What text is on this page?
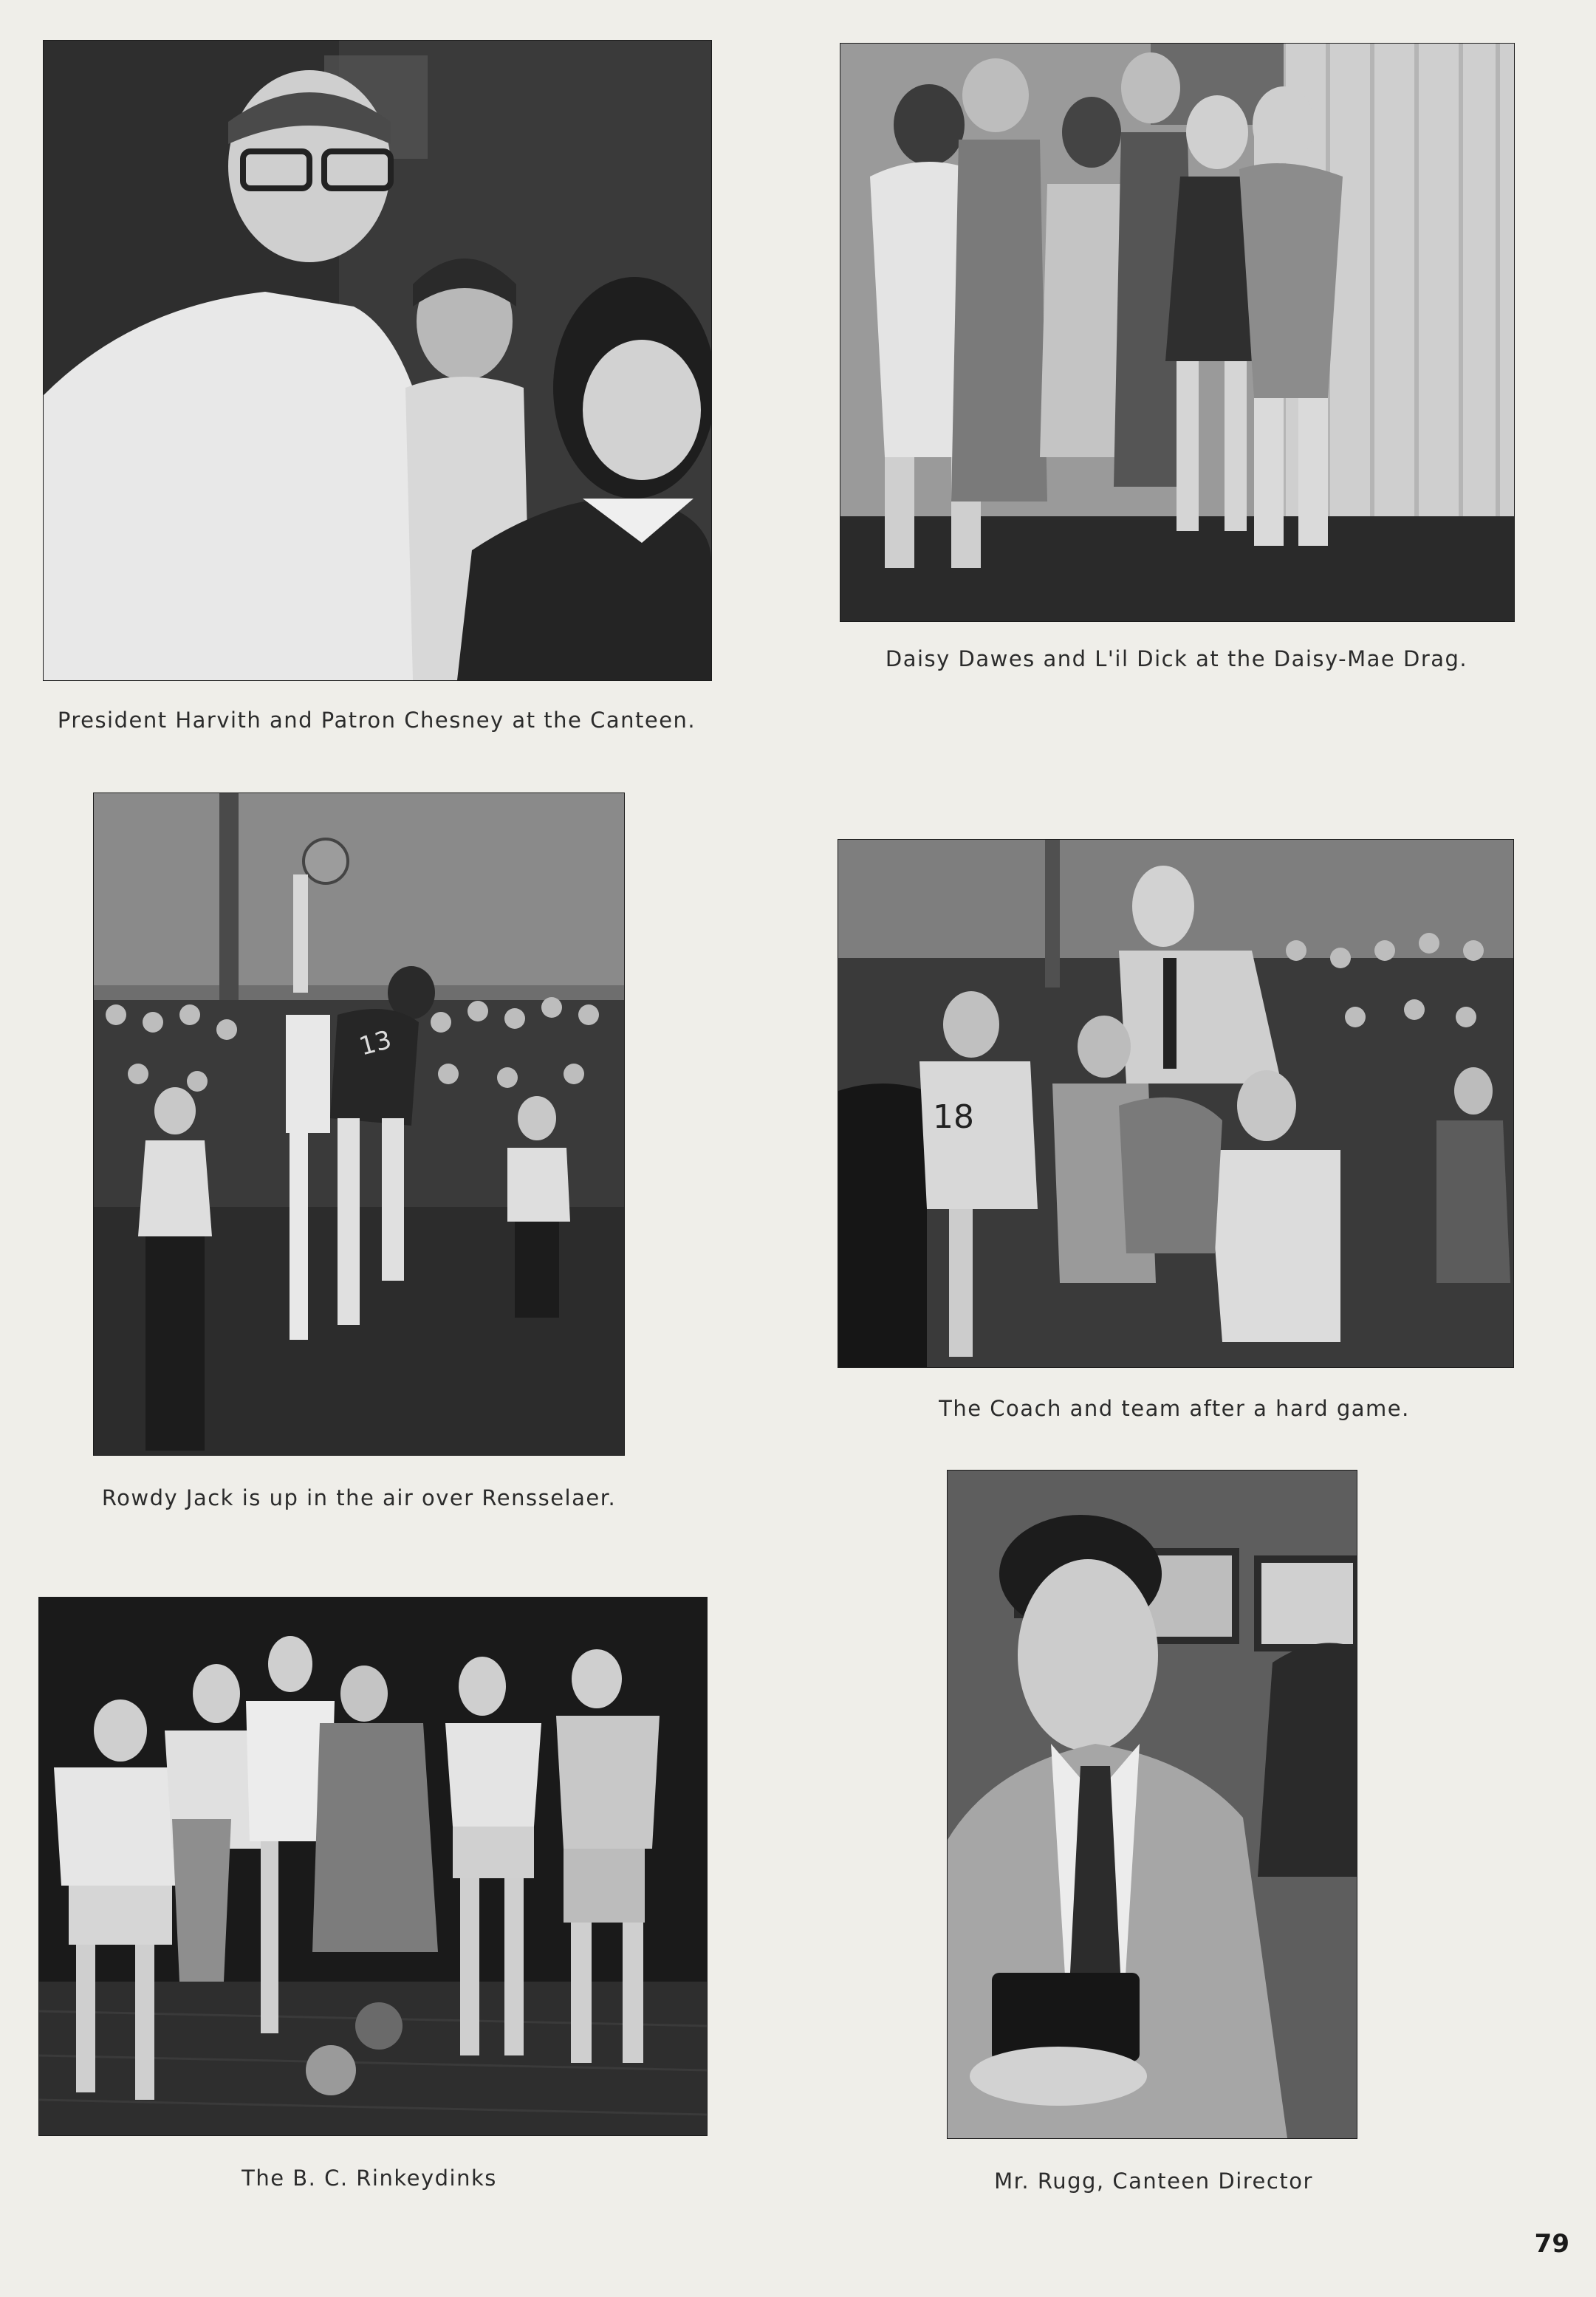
President Harvith and Patron Chesney at the Canteen.
Daisy Dawes and L'il Dick at the Daisy-Mae Drag.
13
Rowdy Jack is up in the air over Rensselaer.
18
The Coach and team after a hard game.
The B. C. Rinkeydinks	Mr. Rugg, Canteen Director
79
